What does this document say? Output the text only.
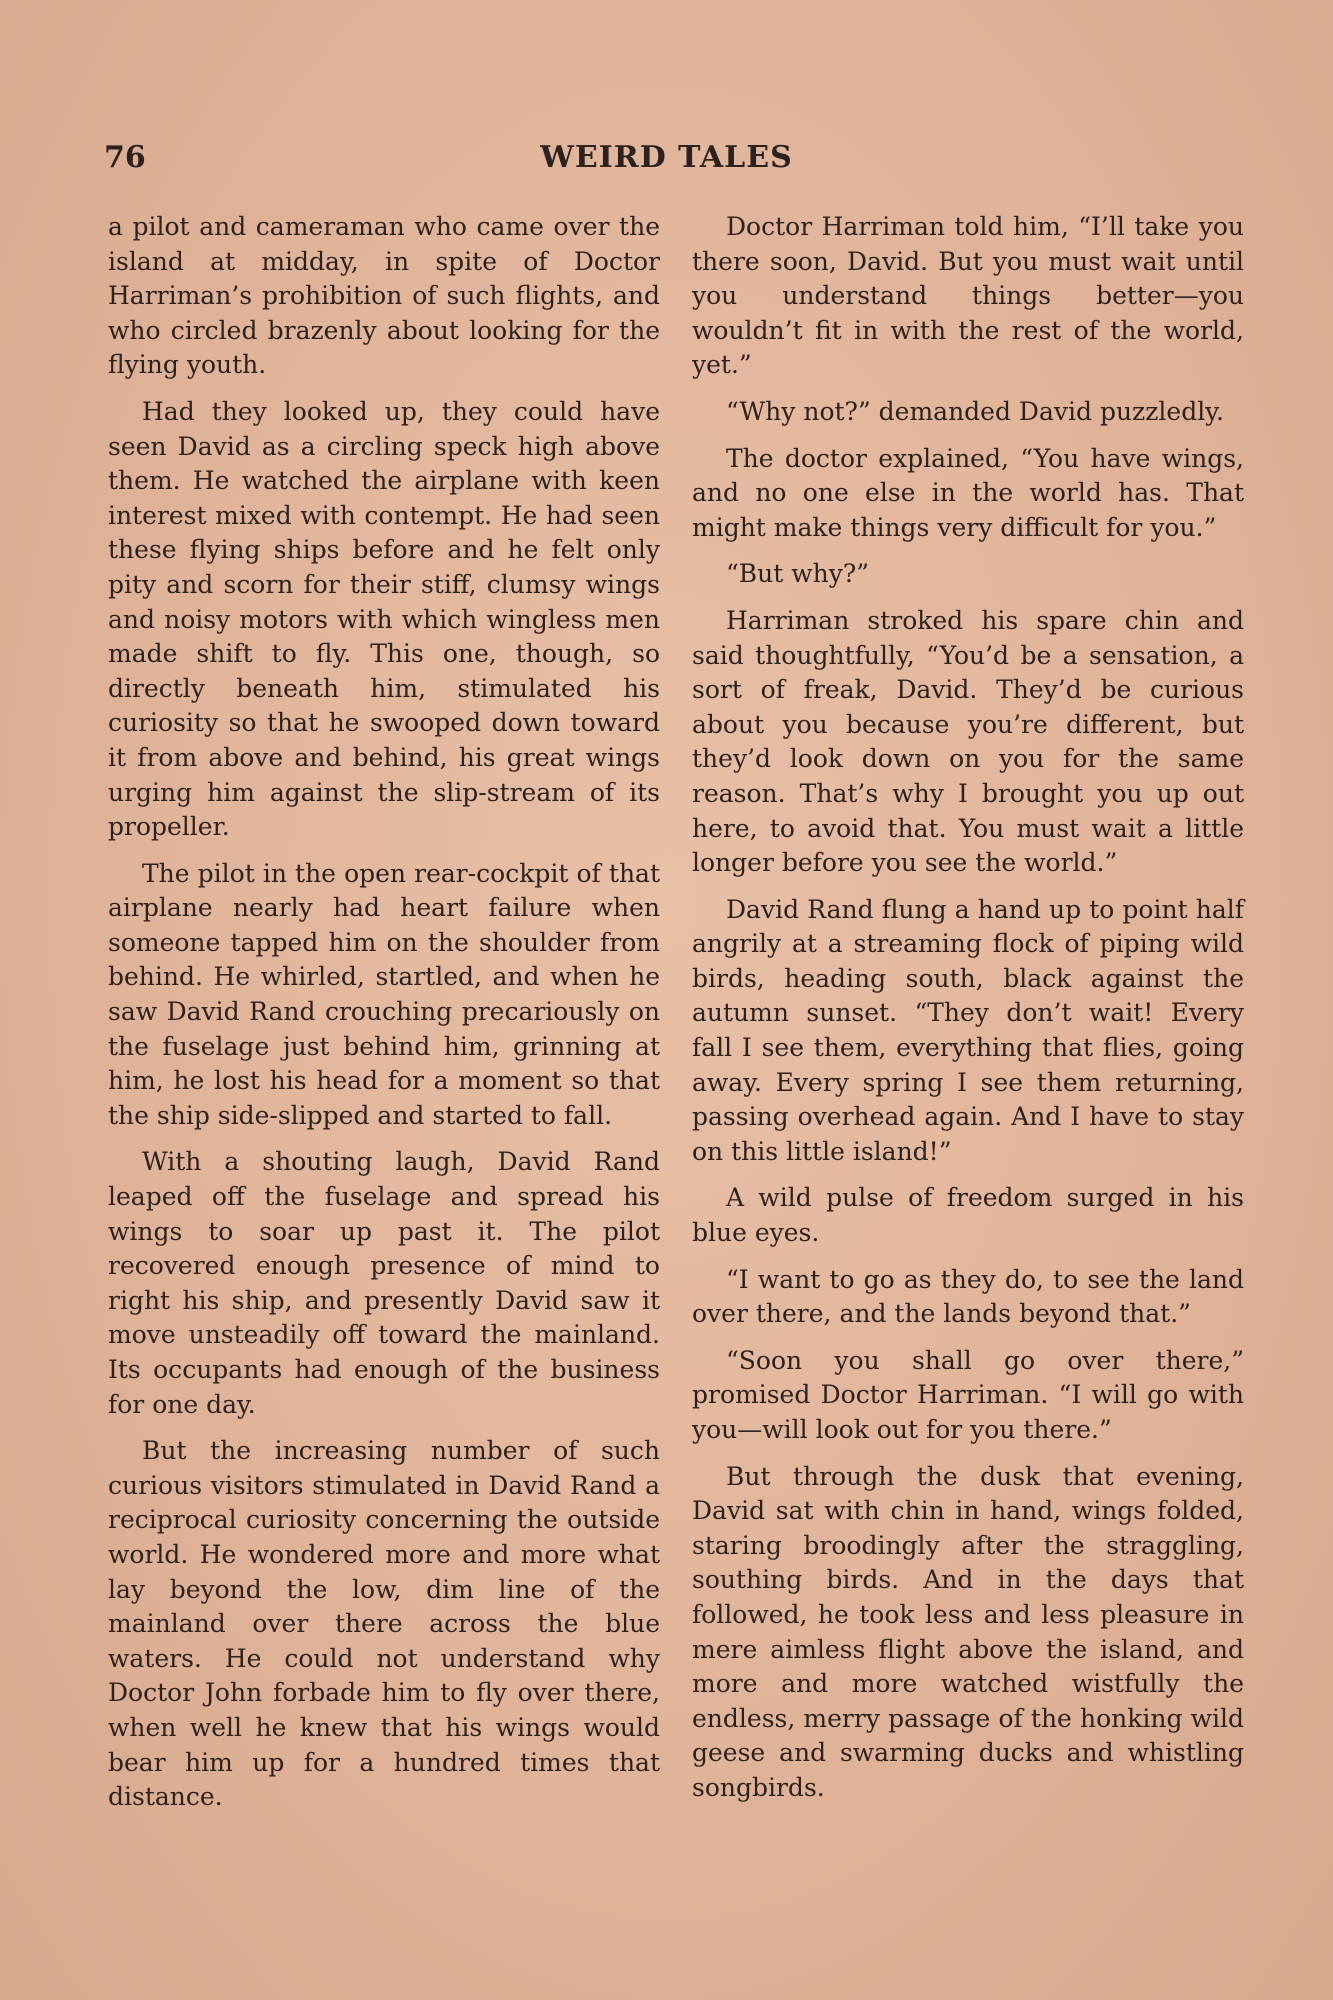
76	WEIRD TALES

a pilot and cameraman who came over the island at midday, in spite of Doctor Harriman’s prohibition of such flights, and who circled brazenly about looking for the flying youth.

Had they looked up, they could have seen David as a circling speck high above them. He watched the airplane with keen interest mixed with contempt. He had seen these flying ships before and he felt only pity and scorn for their stiff, clumsy wings and noisy motors with which wingless men made shift to fly. This one, though, so directly beneath him, stimulated his curiosity so that he swooped down toward it from above and behind, his great wings urging him against the slip-stream of its propeller.

The pilot in the open rear-cockpit of that airplane nearly had heart failure when someone tapped him on the shoulder from behind. He whirled, startled, and when he saw David Rand crouching precariously on the fuselage just behind him, grinning at him, he lost his head for a moment so that the ship side-slipped and started to fall.

With a shouting laugh, David Rand leaped off the fuselage and spread his wings to soar up past it. The pilot recovered enough presence of mind to right his ship, and presently David saw it move unsteadily off toward the mainland. Its occupants had enough of the business for one day.

But the increasing number of such curious visitors stimulated in David Rand a reciprocal curiosity concerning the outside world. He wondered more and more what lay beyond the low, dim line of the mainland over there across the blue waters. He could not understand why Doctor John forbade him to fly over there, when well he knew that his wings would bear him up for a hundred times that distance.

Doctor Harriman told him, “I’ll take you there soon, David. But you must wait until you understand things better—you wouldn’t fit in with the rest of the world, yet.”

“Why not?” demanded David puzzledly.

The doctor explained, “You have wings, and no one else in the world has. That might make things very difficult for you.”

“But why?”

Harriman stroked his spare chin and said thoughtfully, “You’d be a sensation, a sort of freak, David. They’d be curious about you because you’re different, but they’d look down on you for the same reason. That’s why I brought you up out here, to avoid that. You must wait a little longer before you see the world.”

David Rand flung a hand up to point half angrily at a streaming flock of piping wild birds, heading south, black against the autumn sunset. “They don’t wait! Every fall I see them, everything that flies, going away. Every spring I see them returning, passing overhead again. And I have to stay on this little island!”

A wild pulse of freedom surged in his blue eyes.

“I want to go as they do, to see the land over there, and the lands beyond that.”

“Soon you shall go over there,” promised Doctor Harriman. “I will go with you—will look out for you there.”

But through the dusk that evening, David sat with chin in hand, wings folded, staring broodingly after the straggling, southing birds. And in the days that followed, he took less and less pleasure in mere aimless flight above the island, and more and more watched wistfully the endless, merry passage of the honking wild geese and swarming ducks and whistling songbirds.
